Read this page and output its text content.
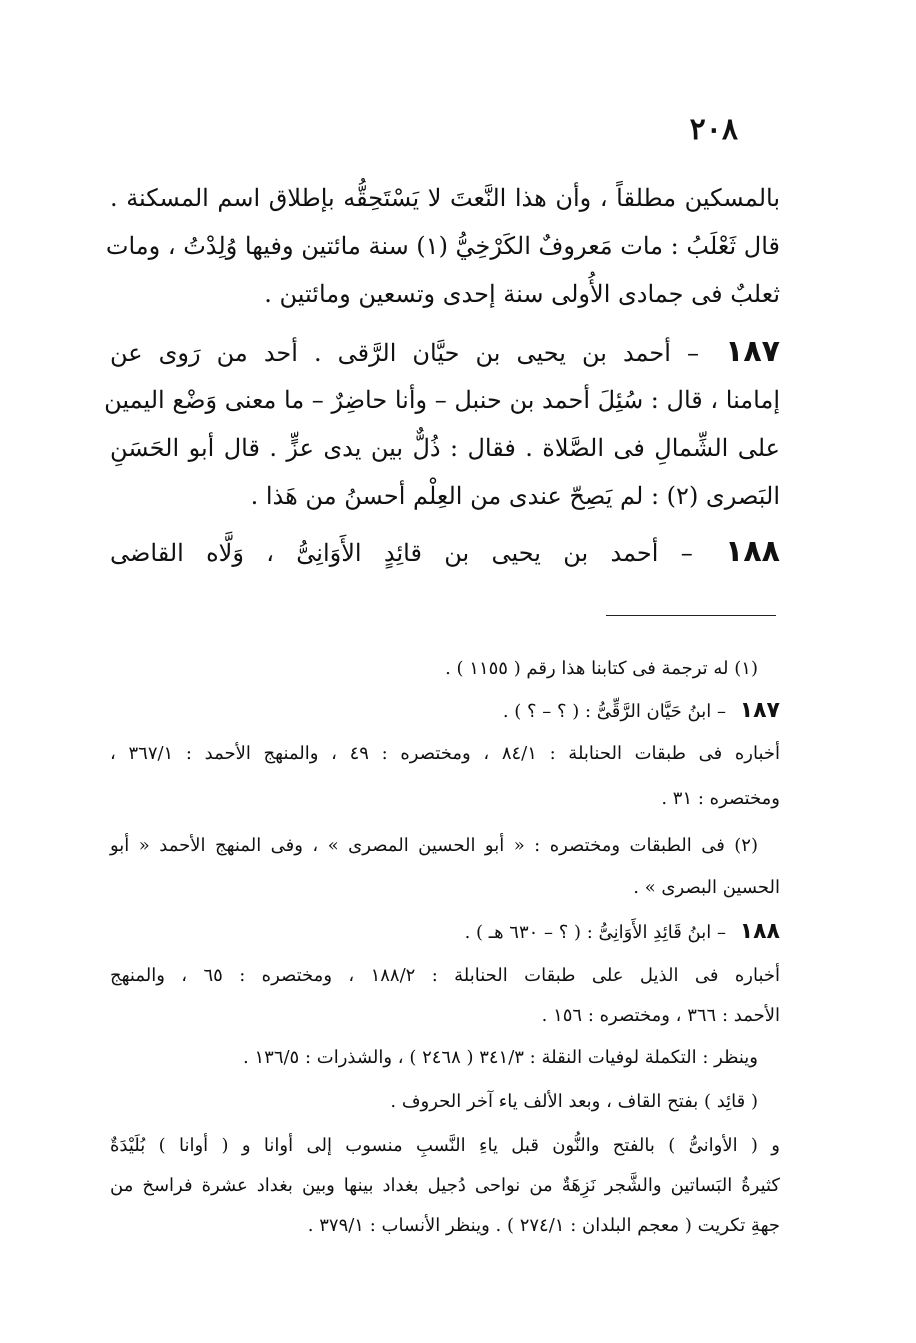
٢٠٨
بالمسكين مطلقاً ، وأن هذا النَّعتَ لا يَسْتَحِقُّه بإطلاق اسم المسكنة .
قال ثَعْلَبُ : مات مَعروفٌ الكَرْخِيُّ (١) سنة مائتين وفيها وُلِدْتُ ، ومات
ثعلبٌ فى جمادى الأُولى سنة إحدى وتسعين ومائتين .
١٨٧ – أحمد بن يحيى بن حيَّان الرَّقى . أحد من رَوى عن
إمامنا ، قال : سُئِلَ أحمد بن حنبل – وأنا حاضِرٌ – ما معنى وَضْع اليمين
على الشِّمالِ فى الصَّلاة . فقال : ذُلٌّ بين يدى عزٍّ . قال أبو الحَسَنِ
البَصرى (٢) : لم يَصِحّ عندى من العِلْم أحسنُ من هَذا .
١٨٨ – أحمد بن يحيى بن قائِدٍ الأَوَانِىُّ ، وَلَّاه القاضى
(١) له ترجمة فى كتابنا هذا رقم ( ١١٥٥ ) .
١٨٧ – ابنُ حَيَّان الرَّقِّىُّ : ( ؟ – ؟ ) .
أخباره فى طبقات الحنابلة : ٨٤/١ ، ومختصره : ٤٩ ، والمنهج الأحمد : ٣٦٧/١ ،
ومختصره : ٣١ .
(٢) فى الطبقات ومختصره : « أبو الحسين المصرى » ، وفى المنهج الأحمد « أبو
الحسين البصرى » .
١٨٨ – ابنُ قَائِدِ الأَوَانِىُّ : ( ؟ – ٦٣٠ هـ ) .
أخباره فى الذيل على طبقات الحنابلة : ١٨٨/٢ ، ومختصره : ٦٥ ، والمنهج
الأحمد : ٣٦٦ ، ومختصره : ١٥٦ .
وينظر : التكملة لوفيات النقلة : ٣٤١/٣ ( ٢٤٦٨ ) ، والشذرات : ١٣٦/٥ .
( قائِد ) بفتح القاف ، وبعد الألف ياء آخر الحروف .
و ( الأوانىُّ ) بالفتح والنُّون قبل ياءِ النَّسبِ منسوب إلى أوانا و ( أوانا ) بُلَيْدَةٌ
كثيرةُ البَساتين والشَّجر نَزِهَةٌ من نواحى دُجيل بغداد بينها وبين بغداد عشرة فراسخ من
جهةِ تكريت ( معجم البلدان : ٢٧٤/١ ) . وينظر الأنساب : ٣٧٩/١ .
